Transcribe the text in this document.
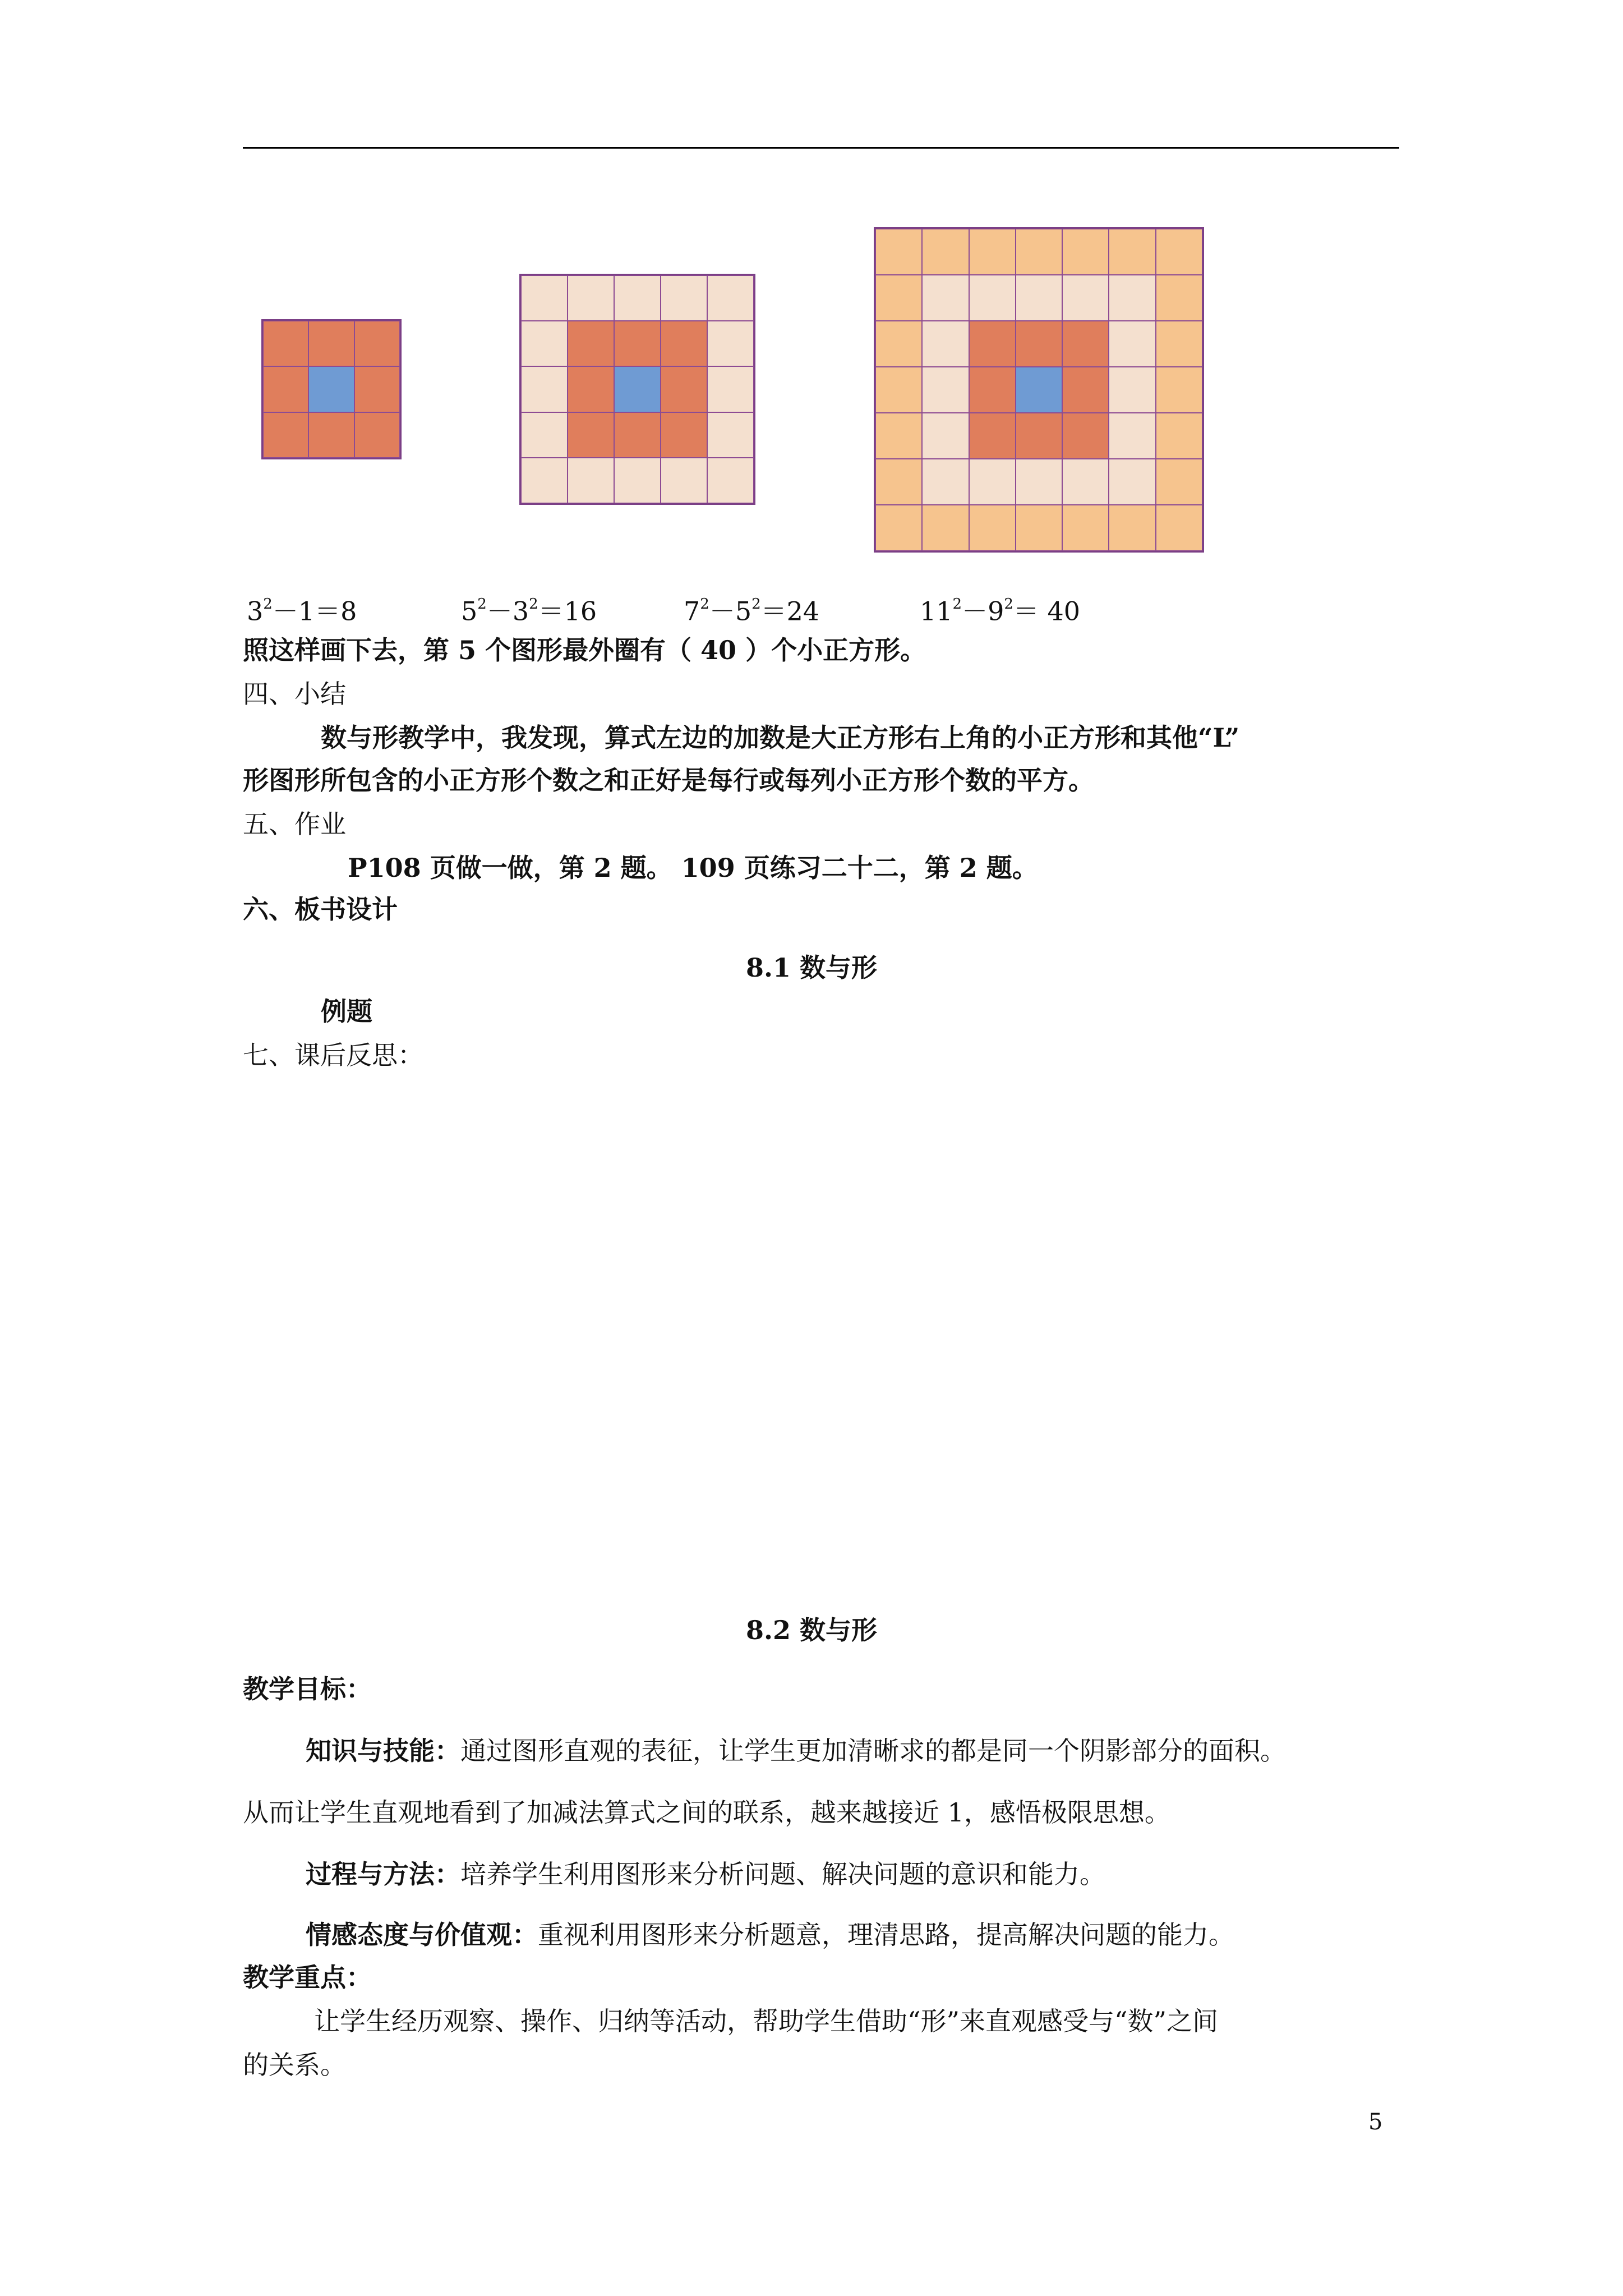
$3^2-1=8$	$5^2-3^2=16$	$7^2-5^2=24$	$11^2-9^2= 40$
照这样画下去，第 5 个图形最外圈有（ 40 ）个小正方形。
四、小结
数与形教学中，我发现，算式左边的加数是大正方形右上角的小正方形和其他“L”
形图形所包含的小正方形个数之和正好是每行或每列小正方形个数的平方。
五、作业
P108 页做一做，第 2 题。 109 页练习二十二，第 2 题。
六、板书设计
8.1 数与形
例题
七、课后反思：
8.2 数与形
教学目标：
知识与技能：通过图形直观的表征，让学生更加清晰求的都是同一个阴影部分的面积。
从而让学生直观地看到了加减法算式之间的联系，越来越接近 1，感悟极限思想。
过程与方法：培养学生利用图形来分析问题、解决问题的意识和能力。
情感态度与价值观：重视利用图形来分析题意，理清思路，提高解决问题的能力。
教学重点：
让学生经历观察、操作、归纳等活动，帮助学生借助“形”来直观感受与“数”之间
的关系。
5
